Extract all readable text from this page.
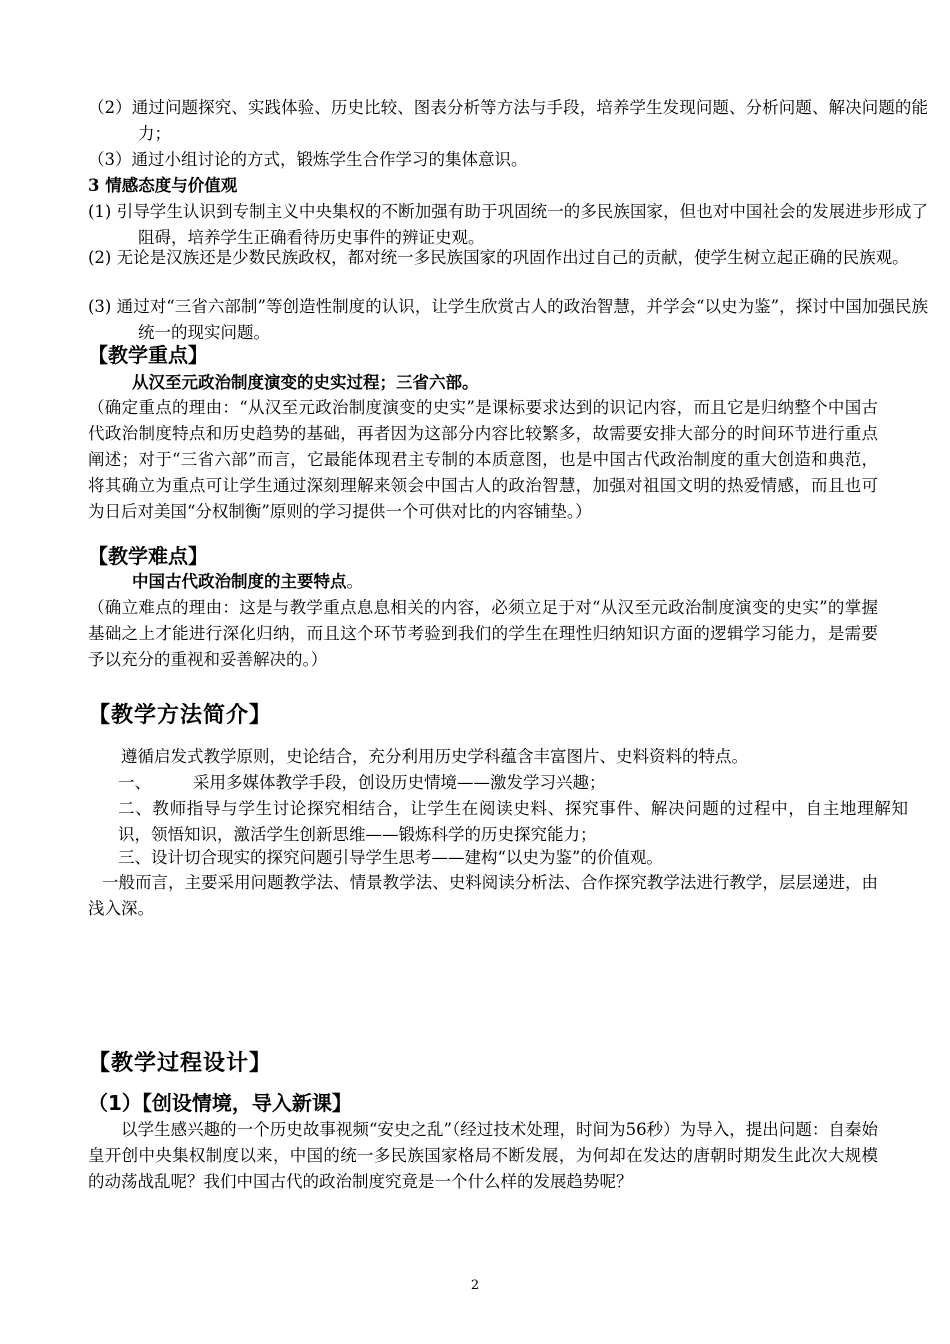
（2）通过问题探究、实践体验、历史比较、图表分析等方法与手段，培养学生发现问题、分析问题、解决问题的能力；
（3）通过小组讨论的方式，锻炼学生合作学习的集体意识。
3 情感态度与价值观
(1) 引导学生认识到专制主义中央集权的不断加强有助于巩固统一的多民族国家，但也对中国社会的发展进步形成了阻碍，培养学生正确看待历史事件的辨证史观。
(2) 无论是汉族还是少数民族政权，都对统一多民族国家的巩固作出过自己的贡献，使学生树立起正确的民族观。
(3) 通过对“三省六部制”等创造性制度的认识，让学生欣赏古人的政治智慧，并学会“以史为鉴”，探讨中国加强民族统一的现实问题。
【教学重点】
从汉至元政治制度演变的史实过程；三省六部。
（确定重点的理由：“从汉至元政治制度演变的史实”是课标要求达到的识记内容，而且它是归纳整个中国古代政治制度特点和历史趋势的基础，再者因为这部分内容比较繁多，故需要安排大部分的时间环节进行重点阐述；对于“三省六部”而言，它最能体现君主专制的本质意图，也是中国古代政治制度的重大创造和典范，将其确立为重点可让学生通过深刻理解来领会中国古人的政治智慧，加强对祖国文明的热爱情感，而且也可为日后对美国“分权制衡”原则的学习提供一个可供对比的内容铺垫。）
【教学难点】
中国古代政治制度的主要特点。
（确立难点的理由：这是与教学重点息息相关的内容，必须立足于对“从汉至元政治制度演变的史实”的掌握基础之上才能进行深化归纳，而且这个环节考验到我们的学生在理性归纳知识方面的逻辑学习能力，是需要予以充分的重视和妥善解决的。）
【教学方法简介】
遵循启发式教学原则，史论结合，充分利用历史学科蕴含丰富图片、史料资料的特点。
一、	采用多媒体教学手段，创设历史情境——激发学习兴趣；
二、教师指导与学生讨论探究相结合，让学生在阅读史料、探究事件、解决问题的过程中，自主地理解知识，领悟知识，激活学生创新思维——锻炼科学的历史探究能力；
三、设计切合现实的探究问题引导学生思考——建构“以史为鉴”的价值观。
一般而言，主要采用问题教学法、情景教学法、史料阅读分析法、合作探究教学法进行教学，层层递进，由浅入深。
【教学过程设计】
（1）【创设情境，导入新课】
以学生感兴趣的一个历史故事视频“安史之乱”（经过技术处理，时间为56秒）为导入，提出问题：自秦始皇开创中央集权制度以来，中国的统一多民族国家格局不断发展，为何却在发达的唐朝时期发生此次大规模的动荡战乱呢？我们中国古代的政治制度究竟是一个什么样的发展趋势呢？
2
